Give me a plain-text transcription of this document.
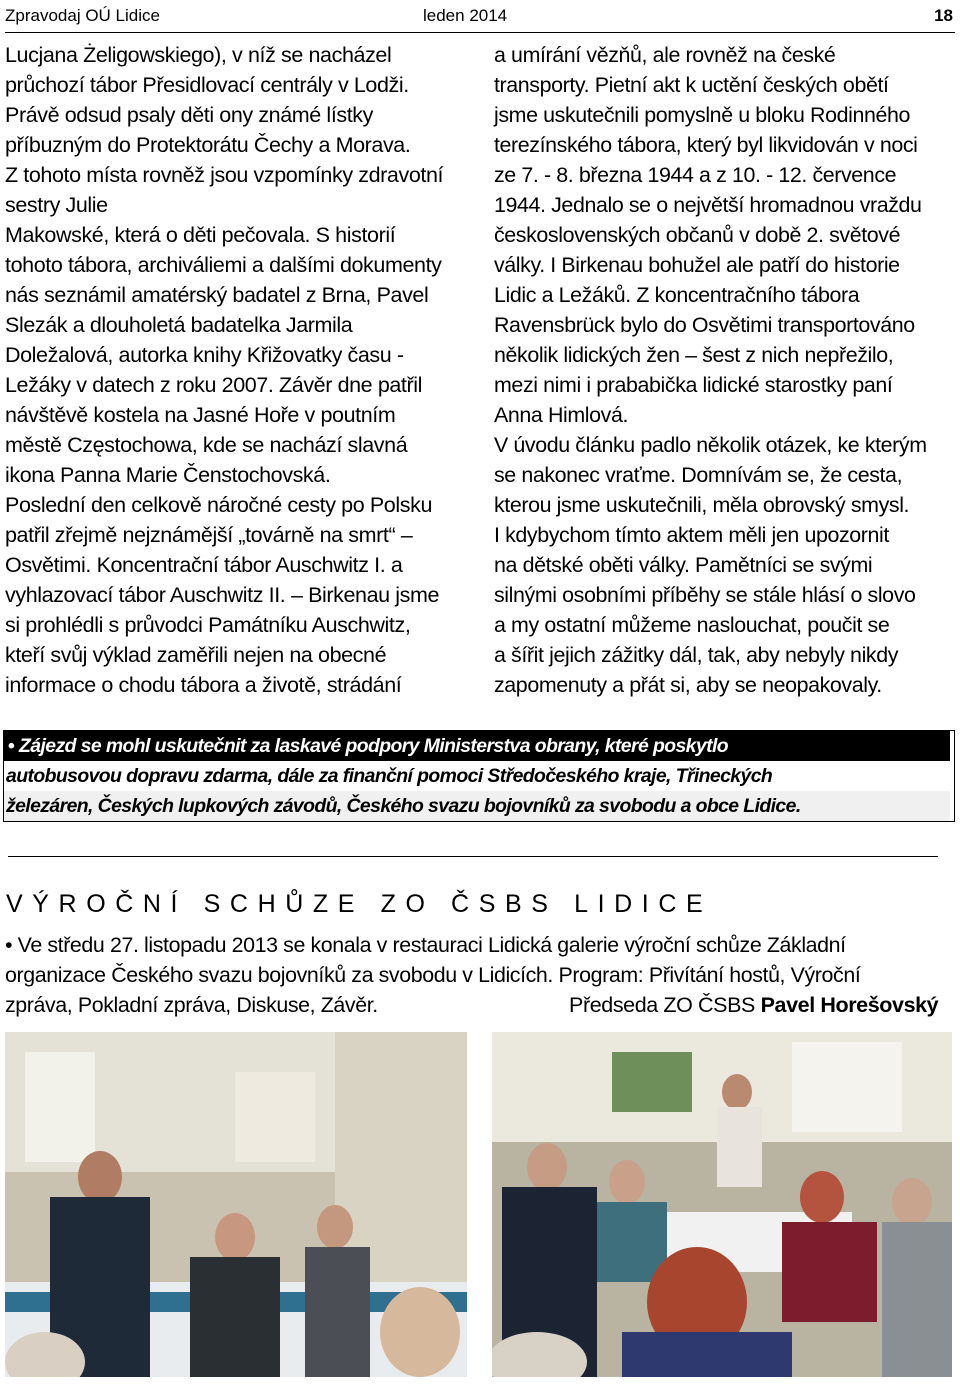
Zpravodaj OÚ Lidice	leden 2014	18
Lucjana Żeligowskiego), v níž se nacházel
průchozí tábor Přesidlovací centrály v Lodži.
Právě odsud psaly děti ony známé lístky
příbuzným do Protektorátu Čechy a Morava.
Z tohoto místa rovněž jsou vzpomínky zdravotní
sestry Julie
Makowské, která o děti pečovala. S historií
tohoto tábora, archiváliemi a dalšími dokumenty
nás seznámil amatérský badatel z Brna, Pavel
Slezák a dlouholetá badatelka Jarmila
Doležalová, autorka knihy Křižovatky času -
Ležáky v datech z roku 2007. Závěr dne patřil
návštěvě kostela na Jasné Hoře v poutním
městě Częstochowa, kde se nachází slavná
ikona Panna Marie Čenstochovská.
Poslední den celkově náročné cesty po Polsku
patřil zřejmě nejznámější „továrně na smrt“ –
Osvětimi. Koncentrační tábor Auschwitz I. a
vyhlazovací tábor Auschwitz II. – Birkenau jsme
si prohlédli s průvodci Památníku Auschwitz,
kteří svůj výklad zaměřili nejen na obecné
informace o chodu tábora a životě, strádání
a umírání vězňů, ale rovněž na české
transporty. Pietní akt k uctění českých obětí
jsme uskutečnili pomyslně u bloku Rodinného
terezínského tábora, který byl likvidován v noci
ze 7. - 8. března 1944 a z 10. - 12. července
1944. Jednalo se o největší hromadnou vraždu
československých občanů v době 2. světové
války. I Birkenau bohužel ale patří do historie
Lidic a Ležáků. Z koncentračního tábora
Ravensbrück bylo do Osvětimi transportováno
několik lidických žen – šest z nich nepřežilo,
mezi nimi i prababička lidické starostky paní
Anna Himlová.
V úvodu článku padlo několik otázek, ke kterým
se nakonec vraťme. Domnívám se, že cesta,
kterou jsme uskutečnili, měla obrovský smysl.
I kdybychom tímto aktem měli jen upozornit
na dětské oběti války. Pamětníci se svými
silnými osobními příběhy se stále hlásí o slovo
a my ostatní můžeme naslouchat, poučit se
a šířit jejich zážitky dál, tak, aby nebyly nikdy
zapomenuty a přát si, aby se neopakovaly.
• Zájezd se mohl uskutečnit za laskavé podpory Ministerstva obrany, které poskytlo
autobusovou dopravu zdarma, dále za finanční pomoci Středočeského kraje, Třineckých
železáren, Českých lupkových závodů, Českého svazu bojovníků za svobodu a obce Lidice.
VÝROČNÍ SCHŮZE ZO ČSBS LIDICE
• Ve středu 27. listopadu 2013 se konala v restauraci Lidická galerie výroční schůze Základní
organizace Českého svazu bojovníků za svobodu v Lidicích. Program: Přivítání hostů, Výroční
zpráva, Pokladní zpráva, Diskuse, Závěr.	Předseda ZO ČSBS Pavel Horešovský
